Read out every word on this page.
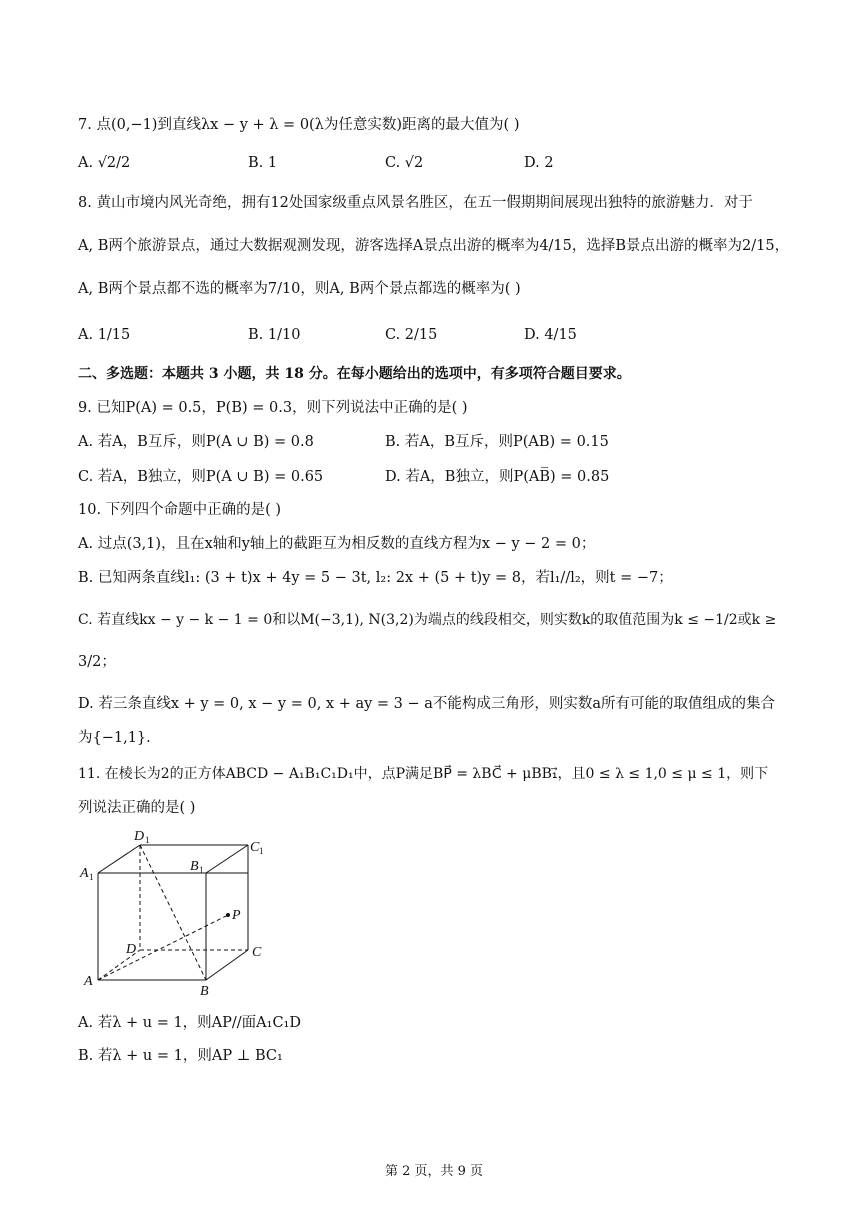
7. 点(0,−1)到直线λx − y + λ = 0(λ为任意实数)距离的最大值为( )
A. √2/2	B. 1	C. √2	D. 2
8. 黄山市境内风光奇绝，拥有12处国家级重点风景名胜区，在五一假期期间展现出独特的旅游魅力．对于
A, B两个旅游景点，通过大数据观测发现，游客选择A景点出游的概率为4/15，选择B景点出游的概率为2/15，
A, B两个景点都不选的概率为7/10，则A, B两个景点都选的概率为( )
A. 1/15	B. 1/10	C. 2/15	D. 4/15
二、多选题：本题共 3 小题，共 18 分。在每小题给出的选项中，有多项符合题目要求。
9. 已知P(A) = 0.5，P(B) = 0.3，则下列说法中正确的是( )
A. 若A，B互斥，则P(A ∪ B) = 0.8	B. 若A，B互斥，则P(AB) = 0.15
C. 若A，B独立，则P(A ∪ B) = 0.65	D. 若A，B独立，则P(AB̅) = 0.85
10. 下列四个命题中正确的是( )
A. 过点(3,1)，且在x轴和y轴上的截距互为相反数的直线方程为x − y − 2 = 0；
B. 已知两条直线l₁: (3 + t)x + 4y = 5 − 3t, l₂: 2x + (5 + t)y = 8，若l₁//l₂，则t = −7；
C. 若直线kx − y − k − 1 = 0和以M(−3,1), N(3,2)为端点的线段相交，则实数k的取值范围为k ≤ −1/2或k ≥
3/2；
D. 若三条直线x + y = 0, x − y = 0, x + ay = 3 − a不能构成三角形，则实数a所有可能的取值组成的集合
为{−1,1}.
11. 在棱长为2的正方体ABCD − A₁B₁C₁D₁中，点P满足BP⃗ = λBC⃗ + μBB₁⃗，且0 ≤ λ ≤ 1,0 ≤ μ ≤ 1，则下
列说法正确的是( )
D 1	C 1
A 1
B 1
P
D	C
A
B
A. 若λ + u = 1，则AP//面A₁C₁D
B. 若λ + u = 1，则AP ⊥ BC₁
第 2 页，共 9 页
